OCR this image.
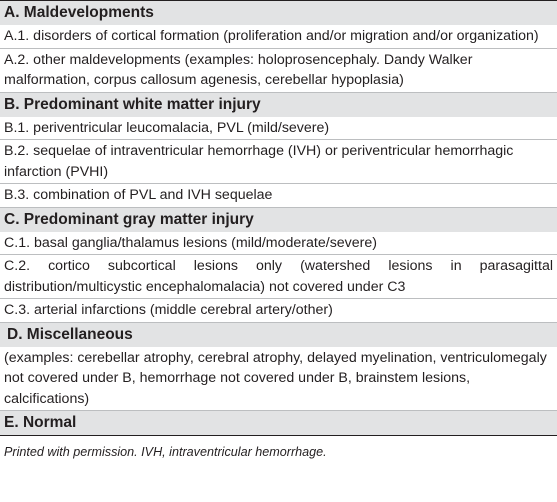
A. Maldevelopments
A.1. disorders of cortical formation (proliferation and/or migration and/or organization)
A.2. other maldevelopments (examples: holoprosencephaly. Dandy Walker malformation, corpus callosum agenesis, cerebellar hypoplasia)
B. Predominant white matter injury
B.1. periventricular leucomalacia, PVL (mild/severe)
B.2. sequelae of intraventricular hemorrhage (IVH) or periventricular hemorrhagic infarction (PVHI)
B.3. combination of PVL and IVH sequelae
C. Predominant gray matter injury
C.1. basal ganglia/thalamus lesions (mild/moderate/severe)
C.2. cortico subcortical lesions only (watershed lesions in parasagittal distribution/multicystic encephalomalacia) not covered under C3
C.3. arterial infarctions (middle cerebral artery/other)
D. Miscellaneous
(examples: cerebellar atrophy, cerebral atrophy, delayed myelination, ventriculomegaly not covered under B, hemorrhage not covered under B, brainstem lesions, calcifications)
E. Normal
Printed with permission. IVH, intraventricular hemorrhage.
